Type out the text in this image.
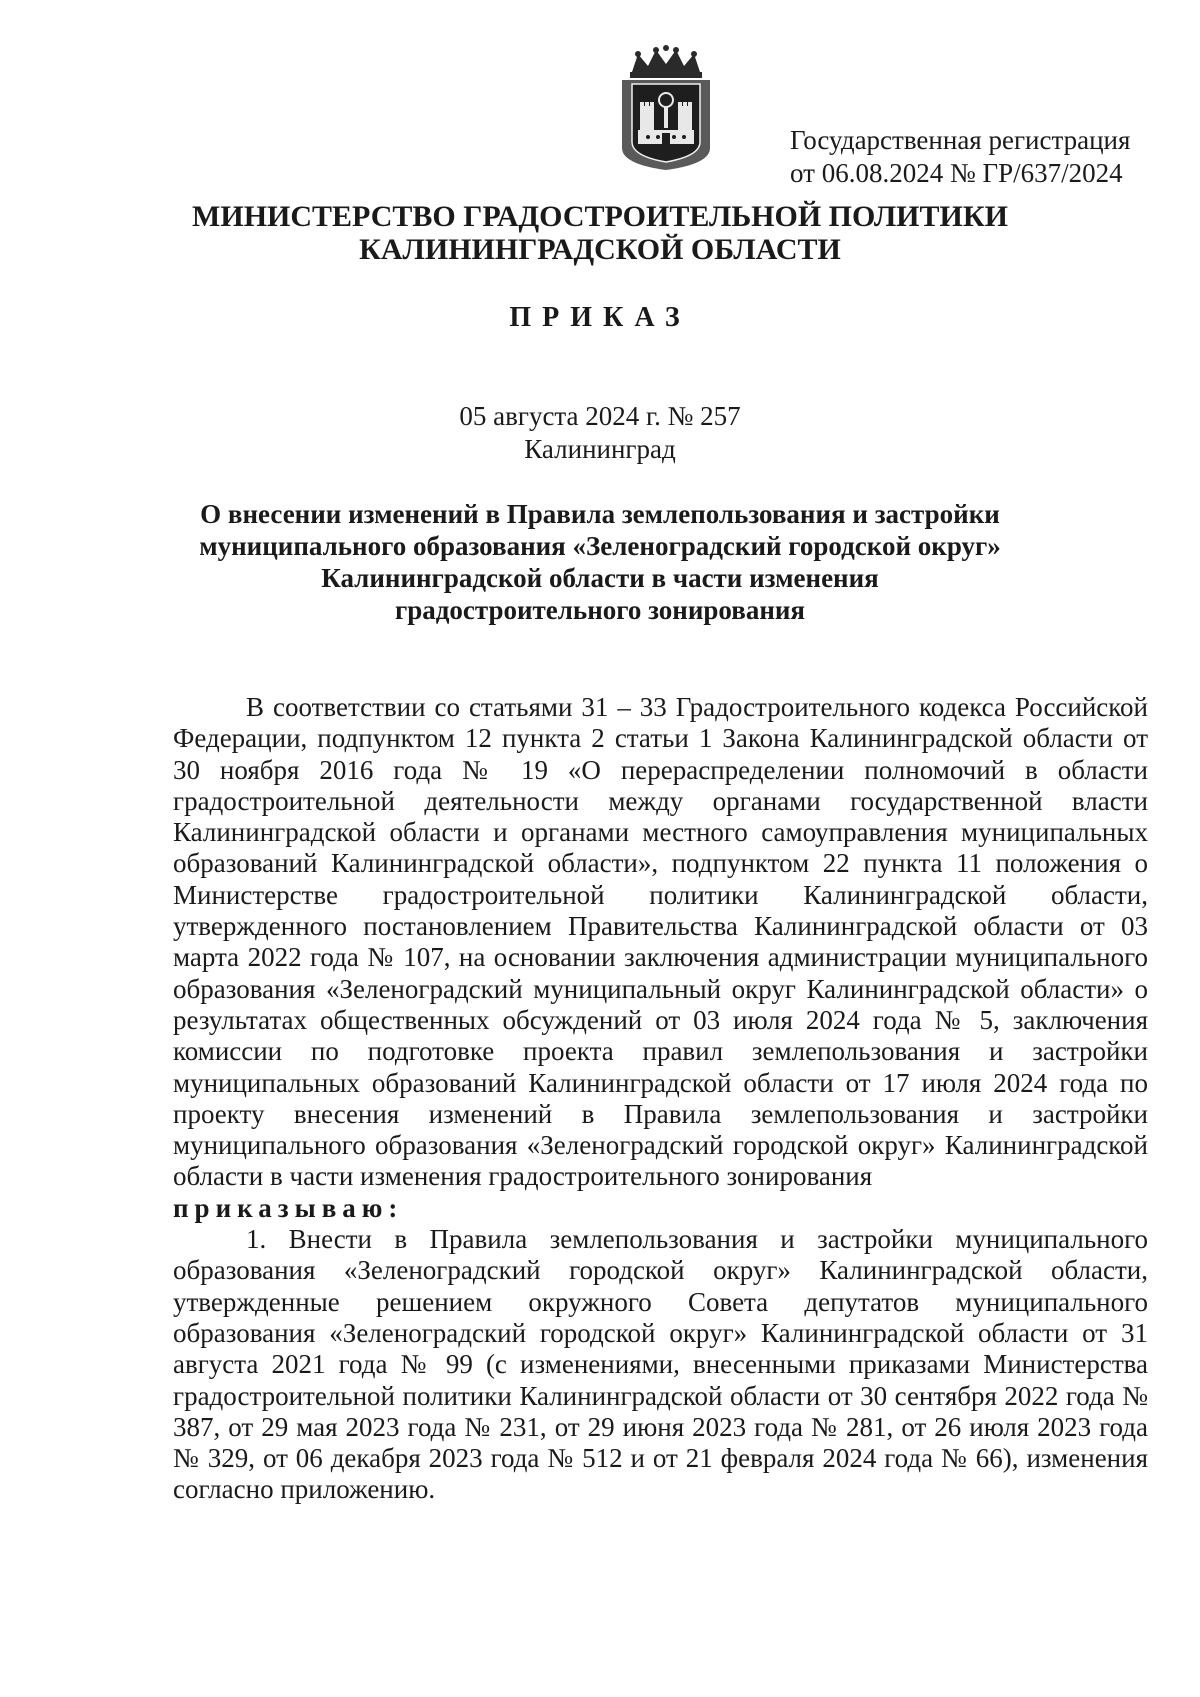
Государственная регистрация
от 06.08.2024 № ГР/637/2024
МИНИСТЕРСТВО ГРАДОСТРОИТЕЛЬНОЙ ПОЛИТИКИ
КАЛИНИНГРАДСКОЙ ОБЛАСТИ
ПРИКАЗ
05 августа 2024 г. № 257
Калининград
О внесении изменений в Правила землепользования и застройки
муниципального образования «Зеленоградский городской округ»
Калининградской области в части изменения
градостроительного зонирования

В соответствии со статьями 31 – 33 Градостроительного кодекса Российской Федерации, подпунктом 12 пункта 2 статьи 1 Закона Калининградской области от 30 ноября 2016 года № 19 «О перераспределении полномочий в области градостроительной деятельности между органами государственной власти Калининградской области и органами местного самоуправления муниципальных образований Калининградской области», подпунктом 22 пункта 11 положения о Министерстве градостроительной политики Калининградской области, утвержденного постановлением Правительства Калининградской области от 03 марта 2022 года № 107, на основании заключения администрации муниципального образования «Зеленоградский муниципальный округ Калининградской области» о результатах общественных обсуждений от 03 июля 2024 года № 5, заключения комиссии по подготовке проекта правил землепользования и застройки муниципальных образований Калининградской области от 17 июля 2024 года по проекту внесения изменений в Правила землепользования и застройки муниципального образования «Зеленоградский городской округ» Калининградской области в части изменения градостроительного зонирования

приказываю:

1. Внести в Правила землепользования и застройки муниципального образования «Зеленоградский городской округ» Калининградской области, утвержденные решением окружного Совета депутатов муниципального образования «Зеленоградский городской округ» Калининградской области от 31 августа 2021 года № 99 (с изменениями, внесенными приказами Министерства градостроительной политики Калининградской области от 30 сентября 2022 года № 387, от 29 мая 2023 года № 231, от 29 июня 2023 года № 281, от 26 июля 2023 года № 329, от 06 декабря 2023 года № 512 и от 21 февраля 2024 года № 66), изменения согласно приложению.
